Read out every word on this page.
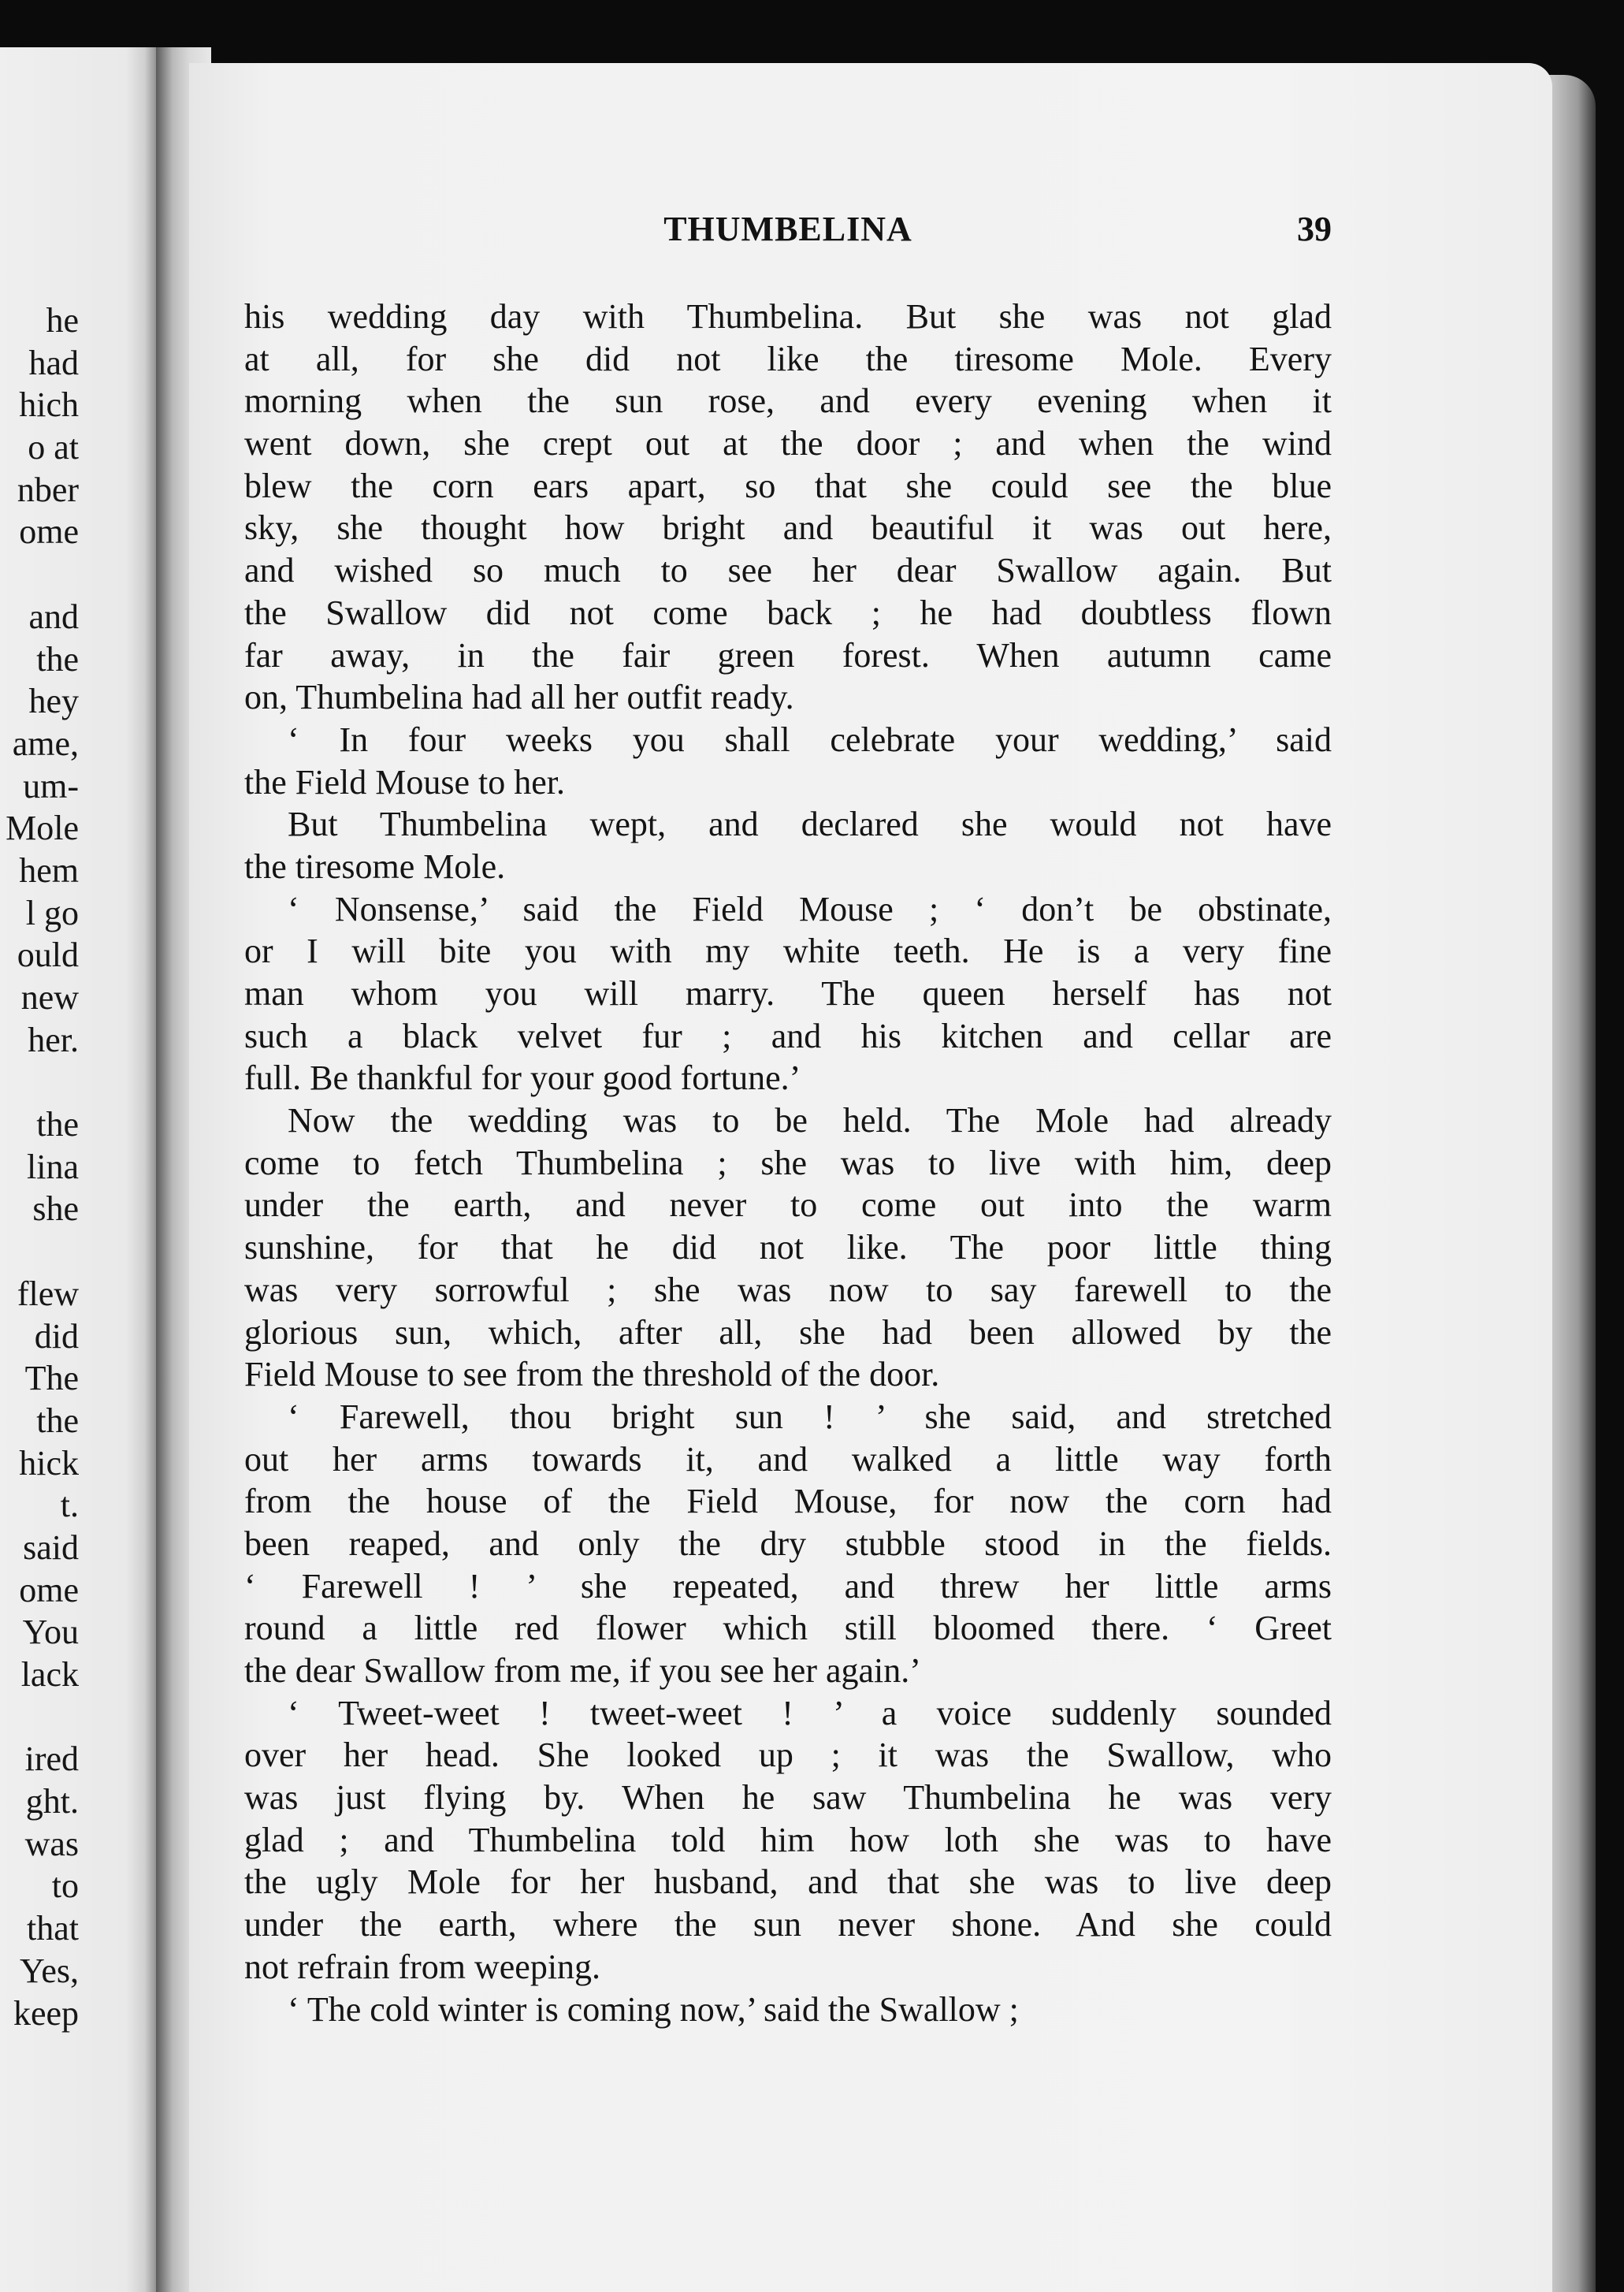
he
had
hich
o at
nber
ome
and
the
hey
ame,
um-
Mole
hem
l go
ould
new
her.
the
lina
she
flew
did
The
the
hick
t.
said
ome
You
lack
ired
ght.
was
to
that
Yes,
keep
THUMBELINA	39
his wedding day with Thumbelina. But she was not glad
at all, for she did not like the tiresome Mole. Every
morning when the sun rose, and every evening when it
went down, she crept out at the door ; and when the wind
blew the corn ears apart, so that she could see the blue
sky, she thought how bright and beautiful it was out here,
and wished so much to see her dear Swallow again. But
the Swallow did not come back ; he had doubtless flown
far away, in the fair green forest. When autumn came
on, Thumbelina had all her outfit ready.
‘ In four weeks you shall celebrate your wedding,’ said
the Field Mouse to her.
But Thumbelina wept, and declared she would not have
the tiresome Mole.
‘ Nonsense,’ said the Field Mouse ; ‘ don’t be obstinate,
or I will bite you with my white teeth. He is a very fine
man whom you will marry. The queen herself has not
such a black velvet fur ; and his kitchen and cellar are
full. Be thankful for your good fortune.’
Now the wedding was to be held. The Mole had already
come to fetch Thumbelina ; she was to live with him, deep
under the earth, and never to come out into the warm
sunshine, for that he did not like. The poor little thing
was very sorrowful ; she was now to say farewell to the
glorious sun, which, after all, she had been allowed by the
Field Mouse to see from the threshold of the door.
‘ Farewell, thou bright sun ! ’ she said, and stretched
out her arms towards it, and walked a little way forth
from the house of the Field Mouse, for now the corn had
been reaped, and only the dry stubble stood in the fields.
‘ Farewell ! ’ she repeated, and threw her little arms
round a little red flower which still bloomed there. ‘ Greet
the dear Swallow from me, if you see her again.’
‘ Tweet-weet ! tweet-weet ! ’ a voice suddenly sounded
over her head. She looked up ; it was the Swallow, who
was just flying by. When he saw Thumbelina he was very
glad ; and Thumbelina told him how loth she was to have
the ugly Mole for her husband, and that she was to live deep
under the earth, where the sun never shone. And she could
not refrain from weeping.
‘ The cold winter is coming now,’ said the Swallow ;
